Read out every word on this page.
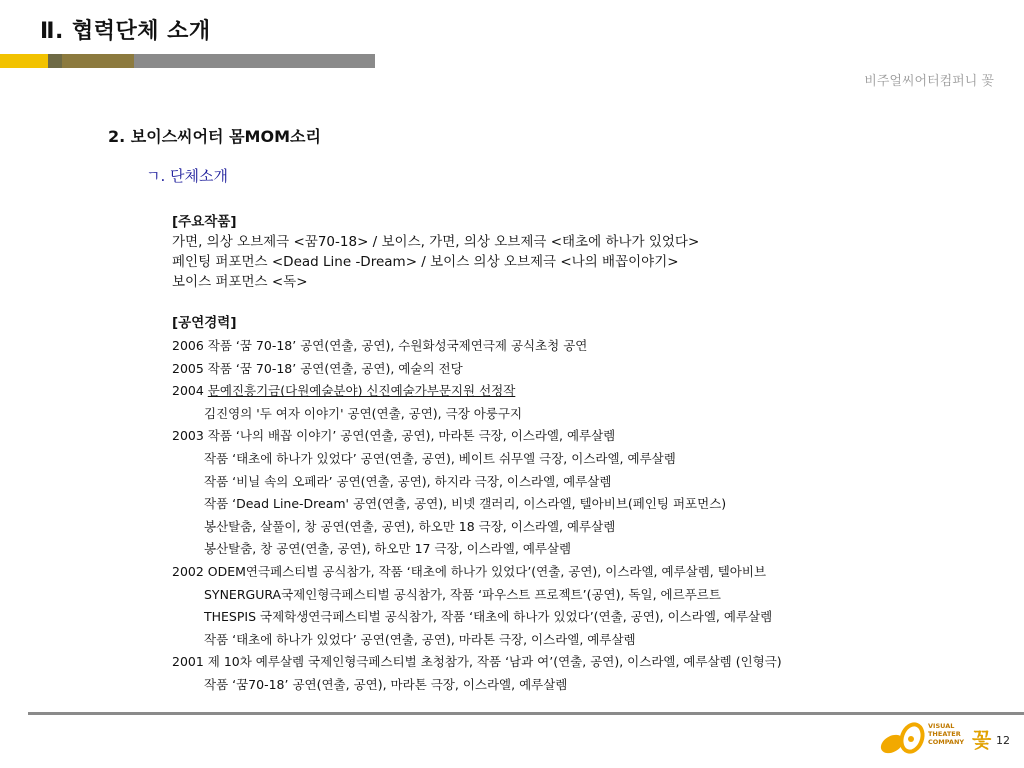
Ⅱ. 협력단체 소개
비주얼씨어터컴퍼니 꽃
2. 보이스씨어터 몸MOM소리
ㄱ. 단체소개
[주요작품]
가면, 의상 오브제극 <꿈70-18> / 보이스, 가면, 의상 오브제극 <태초에 하나가 있었다>
페인팅 퍼포먼스 <Dead Line -Dream> / 보이스 의상 오브제극 <나의 배꼽이야기>
보이스 퍼포먼스 <독>
[공연경력]
2006 작품 ‘꿈 70-18’ 공연(연출, 공연), 수원화성국제연극제 공식초청 공연
2005 작품 ‘꿈 70-18’ 공연(연출, 공연), 예술의 전당
2004 문예진흥기금(다원예술분야) 신진예술가부문지원 선정작
김진영의 '두 여자 이야기' 공연(연출, 공연), 극장 아룽구지
2003 작품 ‘나의 배꼽 이야기’ 공연(연출, 공연), 마라톤 극장, 이스라엘, 예루살렘
작품 ‘태초에 하나가 있었다’ 공연(연출, 공연), 베이트 쉬무엘 극장, 이스라엘, 예루살렘
작품 ‘비닐 속의 오페라’ 공연(연출, 공연), 하지라 극장, 이스라엘, 예루살렘
작품 ‘Dead Line-Dream' 공연(연출, 공연), 비넷 갤러리, 이스라엘, 텔아비브(페인팅 퍼포먼스)
봉산탈춤, 살풀이, 창 공연(연출, 공연), 하오만 18 극장, 이스라엘, 예루살렘
봉산탈춤, 창 공연(연출, 공연), 하오만 17 극장, 이스라엘, 예루살렘
2002 ODEM연극페스티벌 공식참가, 작품 ‘태초에 하나가 있었다’(연출, 공연), 이스라엘, 예루살렘, 텔아비브
SYNERGURA국제인형극페스티벌 공식참가, 작품 ‘파우스트 프로젝트’(공연), 독일, 에르푸르트
THESPIS 국제학생연극페스티벌 공식참가, 작품 ‘태초에 하나가 있었다’(연출, 공연), 이스라엘, 예루살렘
작품 ‘태초에 하나가 있었다’ 공연(연출, 공연), 마라톤 극장, 이스라엘, 예루살렘
2001 제 10차 예루살렘 국제인형극페스티벌 초청참가, 작품 ‘남과 여’(연출, 공연), 이스라엘, 예루살렘 (인형극)
작품 ‘꿈70-18’ 공연(연출, 공연), 마라톤 극장, 이스라엘, 예루살렘
VISUAL
THEATER
COMPANY 꽃 12
